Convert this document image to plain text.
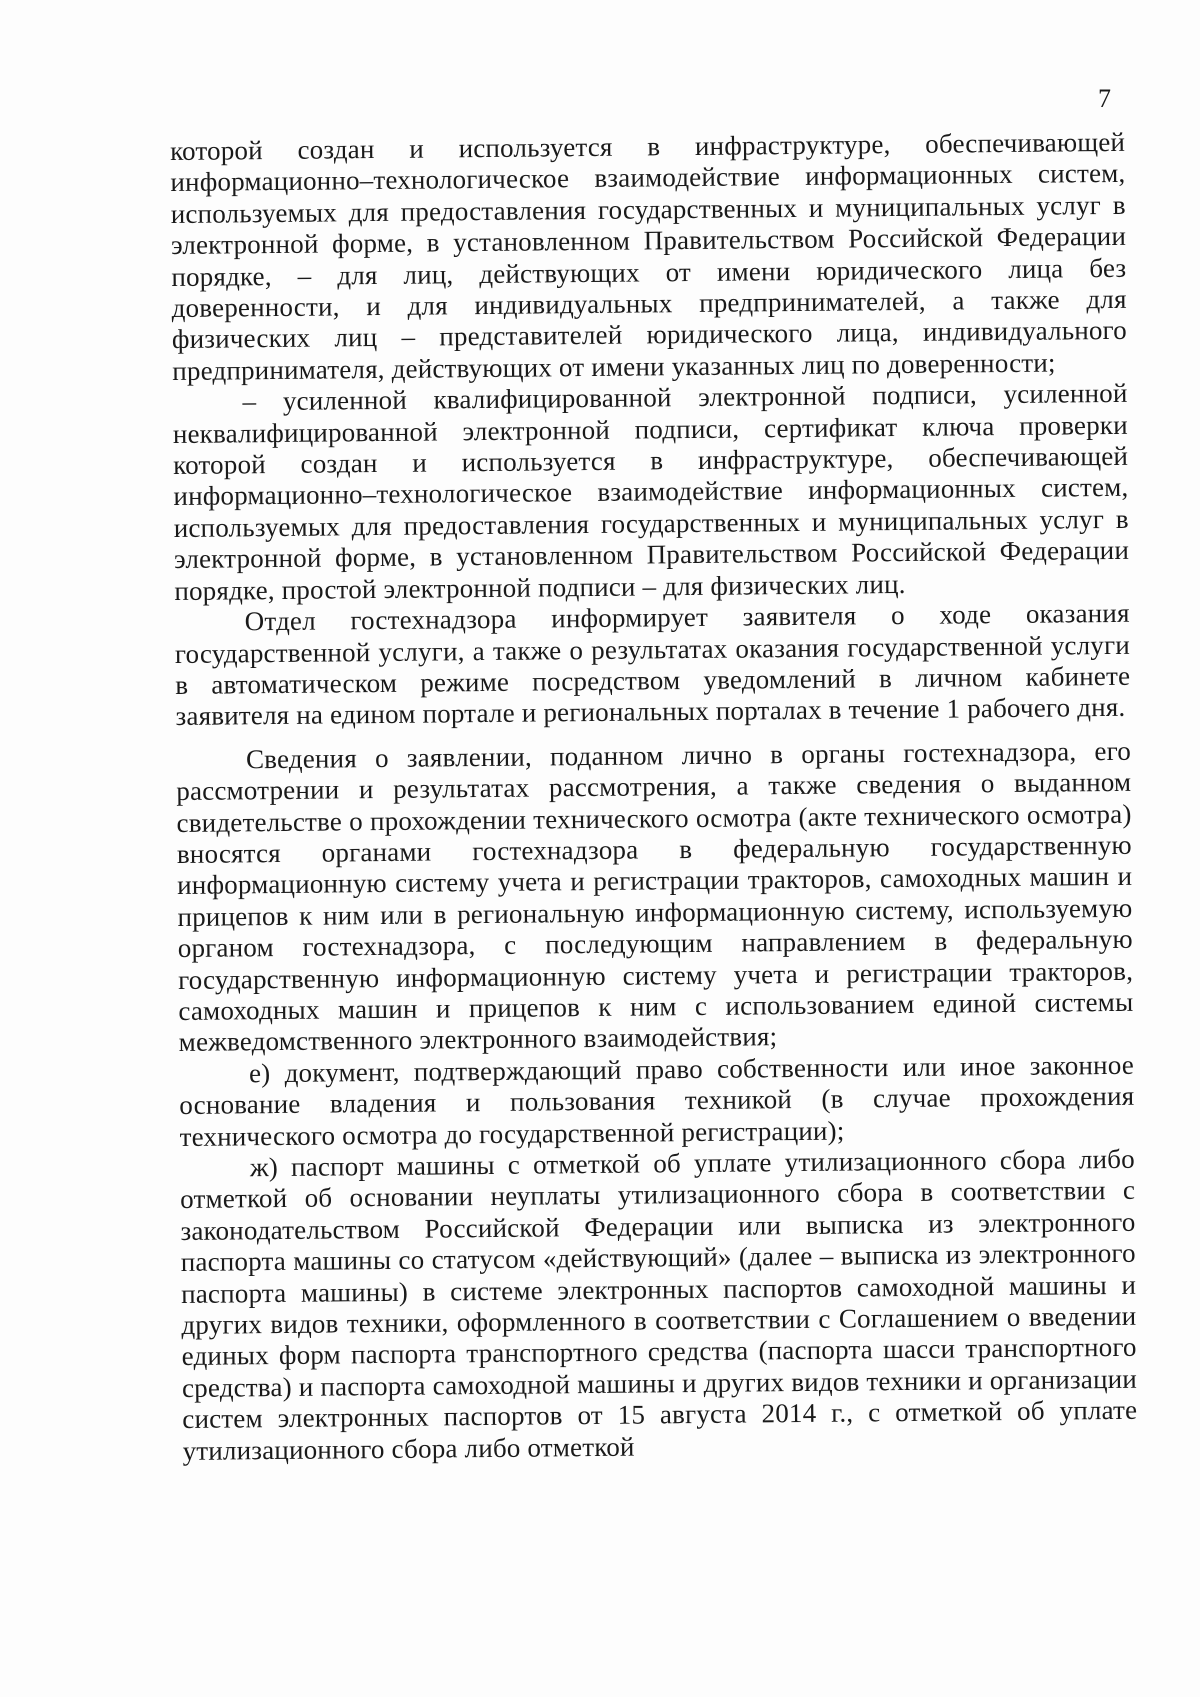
7

которой создан и используется в инфраструктуре, обеспечивающей информационно–технологическое взаимодействие информационных систем, используемых для предоставления государственных и муниципальных услуг в электронной форме, в установленном Правительством Российской Федерации порядке, – для лиц, действующих от имени юридического лица без доверенности, и для индивидуальных предпринимателей, а также для физических лиц – представителей юридического лица, индивидуального предпринимателя, действующих от имени указанных лиц по доверенности;

– усиленной квалифицированной электронной подписи, усиленной неквалифицированной электронной подписи, сертификат ключа проверки которой создан и используется в инфраструктуре, обеспечивающей информационно–технологическое взаимодействие информационных систем, используемых для предоставления государственных и муниципальных услуг в электронной форме, в установленном Правительством Российской Федерации порядке, простой электронной подписи – для физических лиц.

Отдел гостехнадзора информирует заявителя о ходе оказания государственной услуги, а также о результатах оказания государственной услуги в автоматическом режиме посредством уведомлений в личном кабинете заявителя на едином портале и региональных порталах в течение 1 рабочего дня.

Сведения о заявлении, поданном лично в органы гостехнадзора, его рассмотрении и результатах рассмотрения, а также сведения о выданном свидетельстве о прохождении технического осмотра (акте технического осмотра) вносятся органами гостехнадзора в федеральную государственную информационную систему учета и регистрации тракторов, самоходных машин и прицепов к ним или в региональную информационную систему, используемую органом гостехнадзора, с последующим направлением в федеральную государственную информационную систему учета и регистрации тракторов, самоходных машин и прицепов к ним с использованием единой системы межведомственного электронного взаимодействия;

е) документ, подтверждающий право собственности или иное законное основание владения и пользования техникой (в случае прохождения технического осмотра до государственной регистрации);

ж) паспорт машины с отметкой об уплате утилизационного сбора либо отметкой об основании неуплаты утилизационного сбора в соответствии с законодательством Российской Федерации или выписка из электронного паспорта машины со статусом «действующий» (далее – выписка из электронного паспорта машины) в системе электронных паспортов самоходной машины и других видов техники, оформленного в соответствии с Соглашением о введении единых форм паспорта транспортного средства (паспорта шасси транспортного средства) и паспорта самоходной машины и других видов техники и организации систем электронных паспортов от 15 августа 2014 г., с отметкой об уплате утилизационного сбора либо отметкой
